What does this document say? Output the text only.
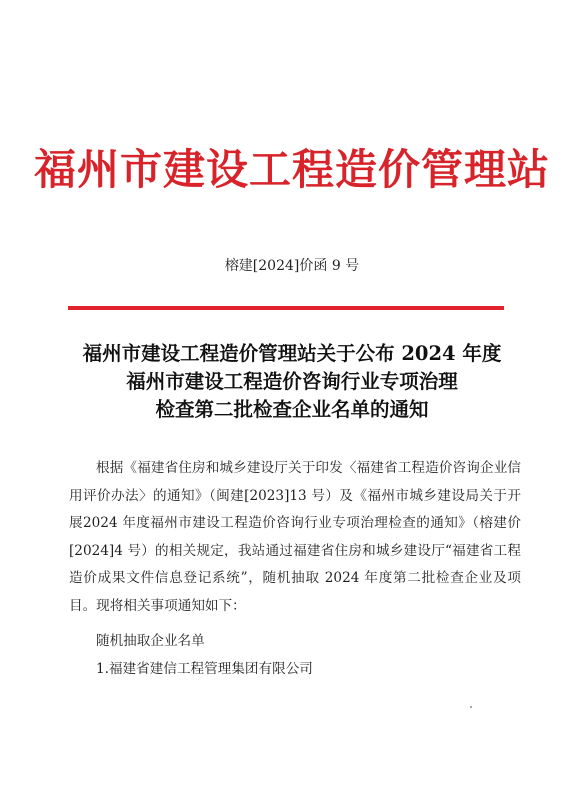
福州市建设工程造价管理站
榕建[2024]价函 9 号
福州市建设工程造价管理站关于公布 2024 年度
福州市建设工程造价咨询行业专项治理
检查第二批检查企业名单的通知

根据《福建省住房和城乡建设厅关于印发〈福建省工程造价咨询企业信用评价办法〉的通知》（闽建[2023]13 号）及《福州市城乡建设局关于开展2024 年度福州市建设工程造价咨询行业专项治理检查的通知》（榕建价[2024]4 号）的相关规定，我站通过福建省住房和城乡建设厅“福建省工程造价成果文件信息登记系统”，随机抽取 2024 年度第二批检查企业及项目。现将相关事项通知如下：

随机抽取企业名单

1.福建省建信工程管理集团有限公司
